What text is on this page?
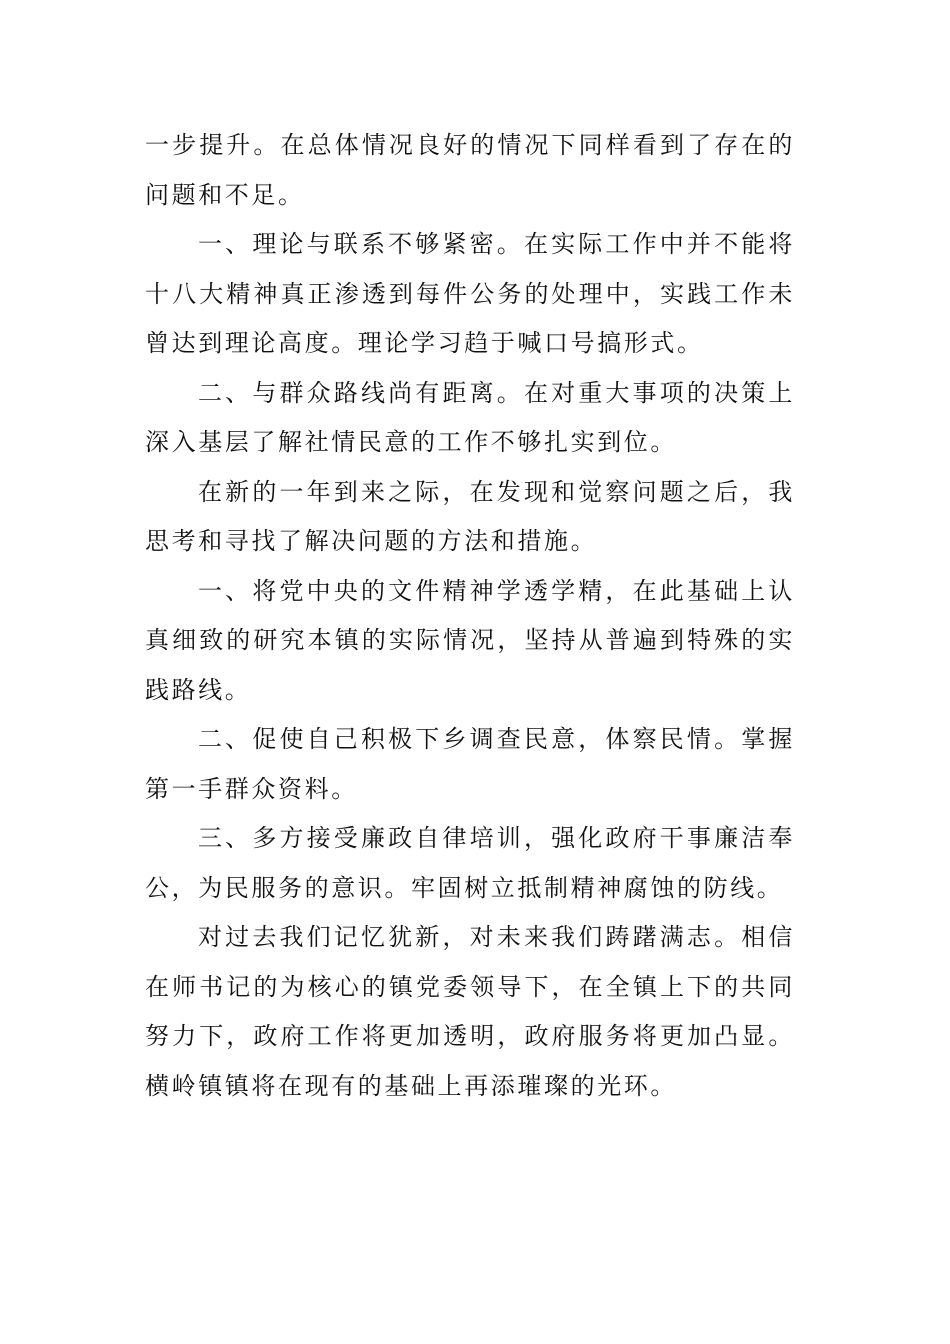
一步提升。在总体情况良好的情况下同样看到了存在的问题和不足。

一、理论与联系不够紧密。在实际工作中并不能将十八大精神真正渗透到每件公务的处理中，实践工作未曾达到理论高度。理论学习趋于喊口号搞形式。

二、与群众路线尚有距离。在对重大事项的决策上深入基层了解社情民意的工作不够扎实到位。

在新的一年到来之际，在发现和觉察问题之后，我思考和寻找了解决问题的方法和措施。

一、将党中央的文件精神学透学精，在此基础上认真细致的研究本镇的实际情况，坚持从普遍到特殊的实践路线。

二、促使自己积极下乡调查民意，体察民情。掌握第一手群众资料。

三、多方接受廉政自律培训，强化政府干事廉洁奉公，为民服务的意识。牢固树立抵制精神腐蚀的防线。

对过去我们记忆犹新，对未来我们踌躇满志。相信在师书记的为核心的镇党委领导下，在全镇上下的共同努力下，政府工作将更加透明，政府服务将更加凸显。横岭镇镇将在现有的基础上再添璀璨的光环。
